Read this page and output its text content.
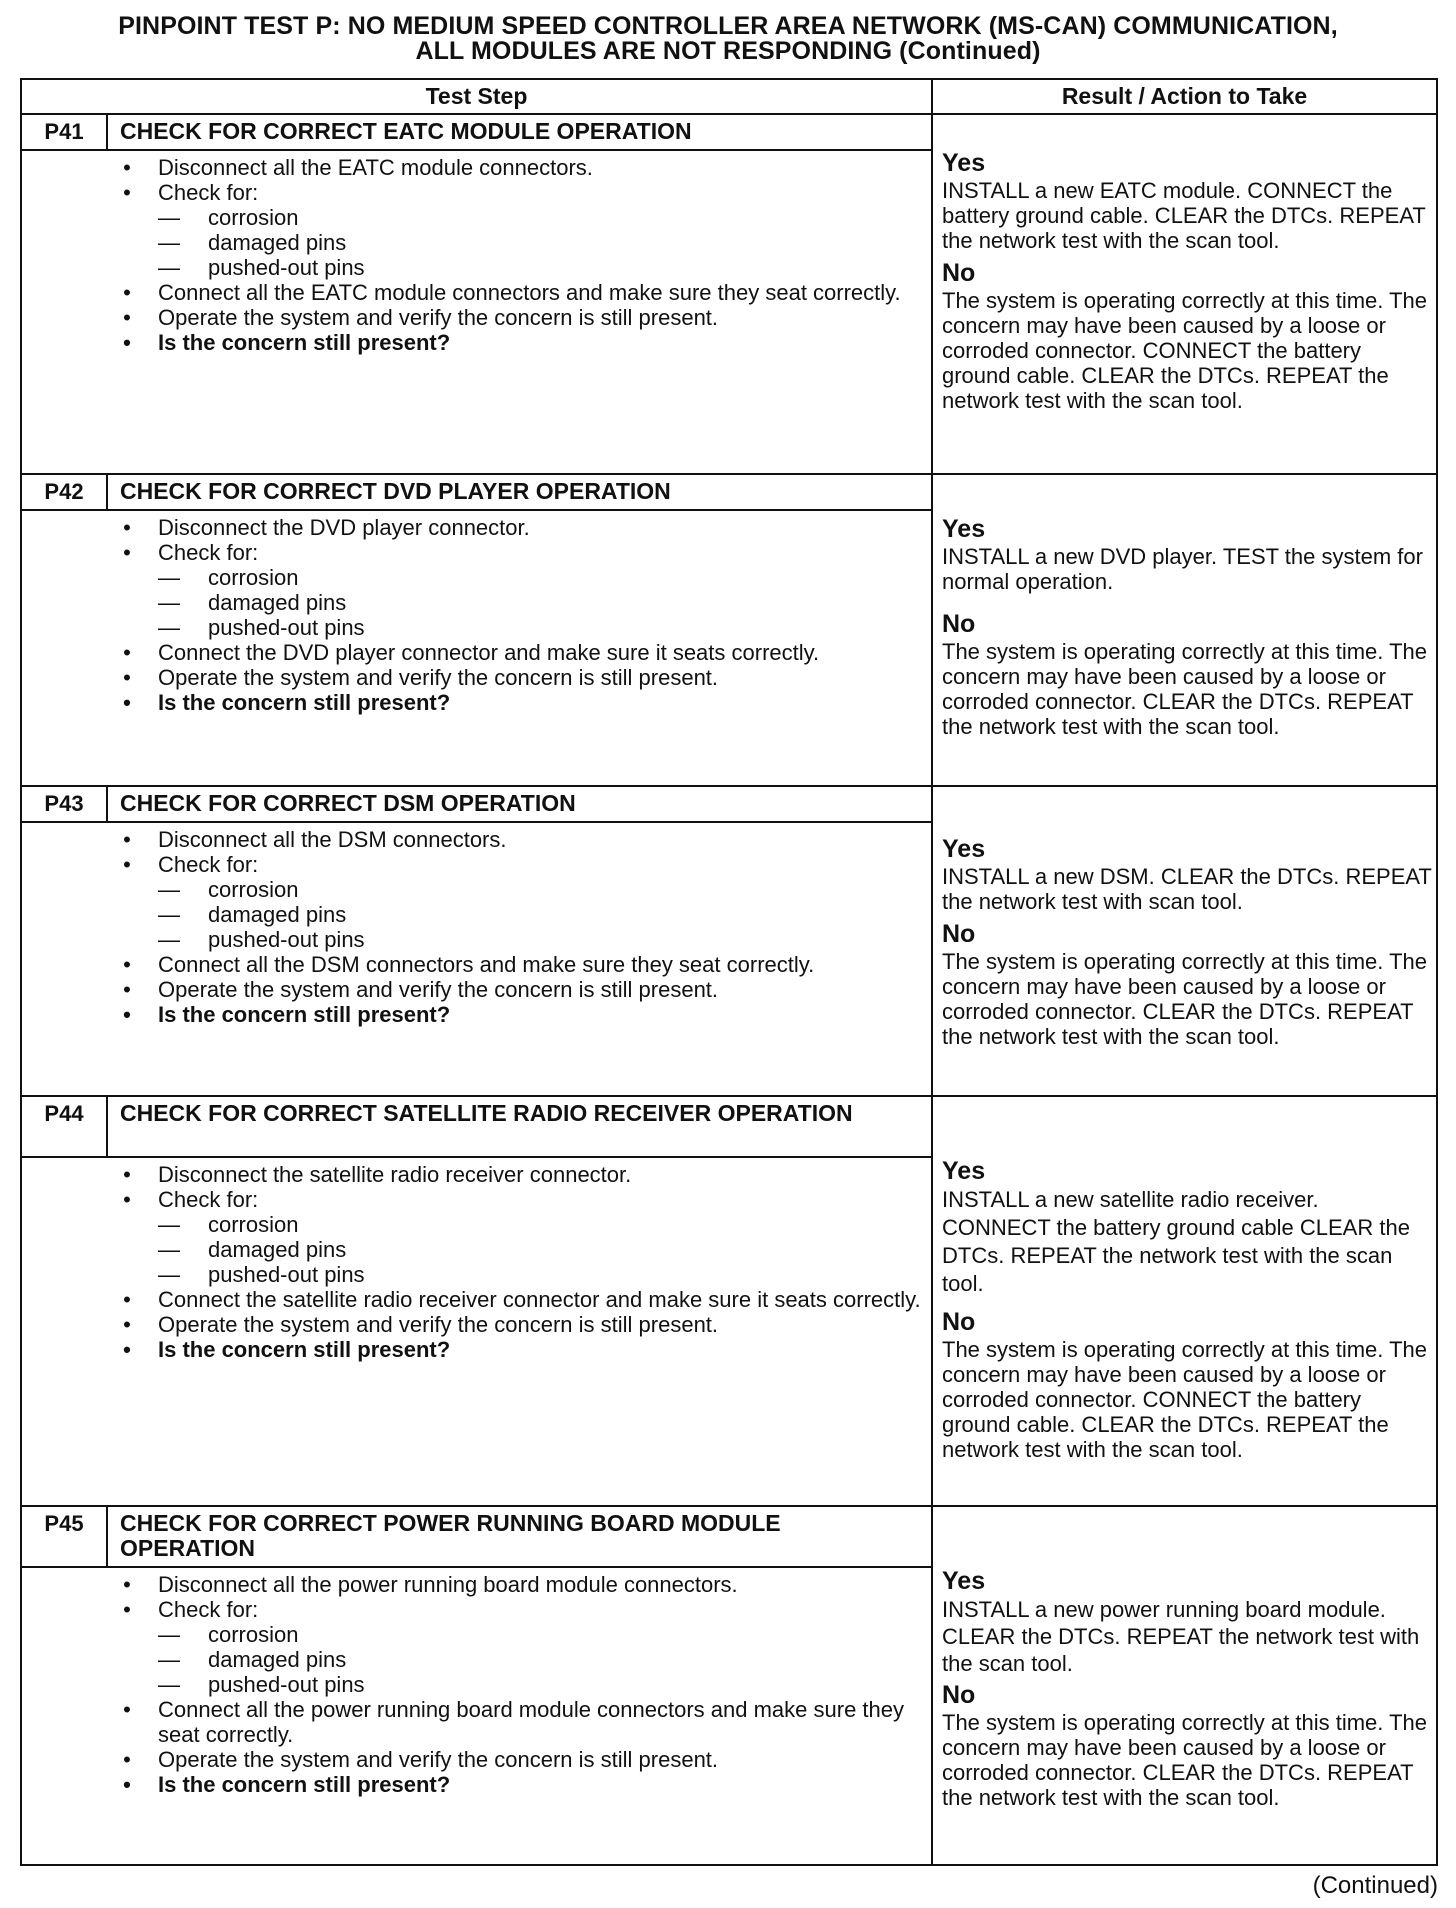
PINPOINT TEST P: NO MEDIUM SPEED CONTROLLER AREA NETWORK (MS-CAN) COMMUNICATION,
ALL MODULES ARE NOT RESPONDING (Continued)
Test Step	Result / Action to Take
P41	CHECK FOR CORRECT EATC MODULE OPERATION
•	Disconnect all the EATC module connectors.
•	Check for:
—	corrosion
—	damaged pins
—	pushed-out pins
•	Connect all the EATC module connectors and make sure they seat correctly.
•	Operate the system and verify the concern is still present.
•	Is the concern still present?
Yes
INSTALL a new EATC module. CONNECT the battery ground cable. CLEAR the DTCs. REPEAT the network test with the scan tool.
No
The system is operating correctly at this time. The concern may have been caused by a loose or corroded connector. CONNECT the battery ground cable. CLEAR the DTCs. REPEAT the network test with the scan tool.
P42	CHECK FOR CORRECT DVD PLAYER OPERATION
•	Disconnect the DVD player connector.
•	Check for:
—	corrosion
—	damaged pins
—	pushed-out pins
•	Connect the DVD player connector and make sure it seats correctly.
•	Operate the system and verify the concern is still present.
•	Is the concern still present?
Yes
INSTALL a new DVD player. TEST the system for normal operation.
No
The system is operating correctly at this time. The concern may have been caused by a loose or corroded connector. CLEAR the DTCs. REPEAT the network test with the scan tool.
P43	CHECK FOR CORRECT DSM OPERATION
•	Disconnect all the DSM connectors.
•	Check for:
—	corrosion
—	damaged pins
—	pushed-out pins
•	Connect all the DSM connectors and make sure they seat correctly.
•	Operate the system and verify the concern is still present.
•	Is the concern still present?
Yes
INSTALL a new DSM. CLEAR the DTCs. REPEAT the network test with scan tool.
No
The system is operating correctly at this time. The concern may have been caused by a loose or corroded connector. CLEAR the DTCs. REPEAT the network test with the scan tool.
P44	CHECK FOR CORRECT SATELLITE RADIO RECEIVER OPERATION
•	Disconnect the satellite radio receiver connector.
•	Check for:
—	corrosion
—	damaged pins
—	pushed-out pins
•	Connect the satellite radio receiver connector and make sure it seats correctly.
•	Operate the system and verify the concern is still present.
•	Is the concern still present?
Yes
INSTALL a new satellite radio receiver. CONNECT the battery ground cable CLEAR the DTCs. REPEAT the network test with the scan tool.
No
The system is operating correctly at this time. The concern may have been caused by a loose or corroded connector. CONNECT the battery ground cable. CLEAR the DTCs. REPEAT the network test with the scan tool.
P45	CHECK FOR CORRECT POWER RUNNING BOARD MODULE OPERATION
•	Disconnect all the power running board module connectors.
•	Check for:
—	corrosion
—	damaged pins
—	pushed-out pins
•	Connect all the power running board module connectors and make sure they seat correctly.
•	Operate the system and verify the concern is still present.
•	Is the concern still present?
Yes
INSTALL a new power running board module. CLEAR the DTCs. REPEAT the network test with the scan tool.
No
The system is operating correctly at this time. The concern may have been caused by a loose or corroded connector. CLEAR the DTCs. REPEAT the network test with the scan tool.
(Continued)
